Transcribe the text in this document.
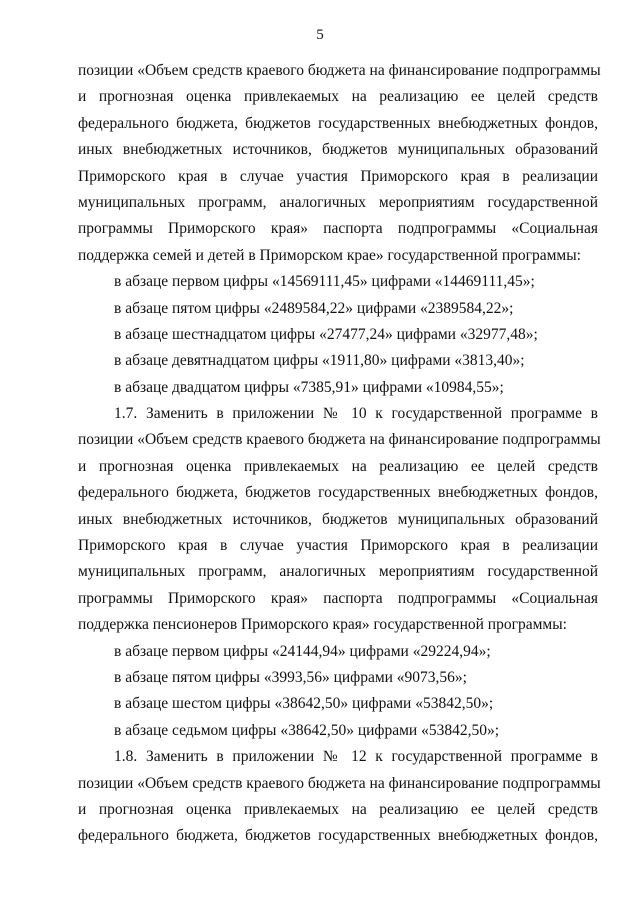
5
позиции «Объем средств краевого бюджета на финансирование подпрограммы
и прогнозная оценка привлекаемых на реализацию ее целей средств
федерального бюджета, бюджетов государственных внебюджетных фондов,
иных внебюджетных источников, бюджетов муниципальных образований
Приморского края в случае участия Приморского края в реализации
муниципальных программ, аналогичных мероприятиям государственной
программы Приморского края» паспорта подпрограммы «Социальная
поддержка семей и детей в Приморском крае» государственной программы:
в абзаце первом цифры «14569111,45» цифрами «14469111,45»;
в абзаце пятом цифры «2489584,22» цифрами «2389584,22»;
в абзаце шестнадцатом цифры «27477,24» цифрами «32977,48»;
в абзаце девятнадцатом цифры «1911,80» цифрами «3813,40»;
в абзаце двадцатом цифры «7385,91» цифрами «10984,55»;
1.7. Заменить в приложении № 10 к государственной программе в
позиции «Объем средств краевого бюджета на финансирование подпрограммы
и прогнозная оценка привлекаемых на реализацию ее целей средств
федерального бюджета, бюджетов государственных внебюджетных фондов,
иных внебюджетных источников, бюджетов муниципальных образований
Приморского края в случае участия Приморского края в реализации
муниципальных программ, аналогичных мероприятиям государственной
программы Приморского края» паспорта подпрограммы «Социальная
поддержка пенсионеров Приморского края» государственной программы:
в абзаце первом цифры «24144,94» цифрами «29224,94»;
в абзаце пятом цифры «3993,56» цифрами «9073,56»;
в абзаце шестом цифры «38642,50» цифрами «53842,50»;
в абзаце седьмом цифры «38642,50» цифрами «53842,50»;
1.8. Заменить в приложении № 12 к государственной программе в
позиции «Объем средств краевого бюджета на финансирование подпрограммы
и прогнозная оценка привлекаемых на реализацию ее целей средств
федерального бюджета, бюджетов государственных внебюджетных фондов,
